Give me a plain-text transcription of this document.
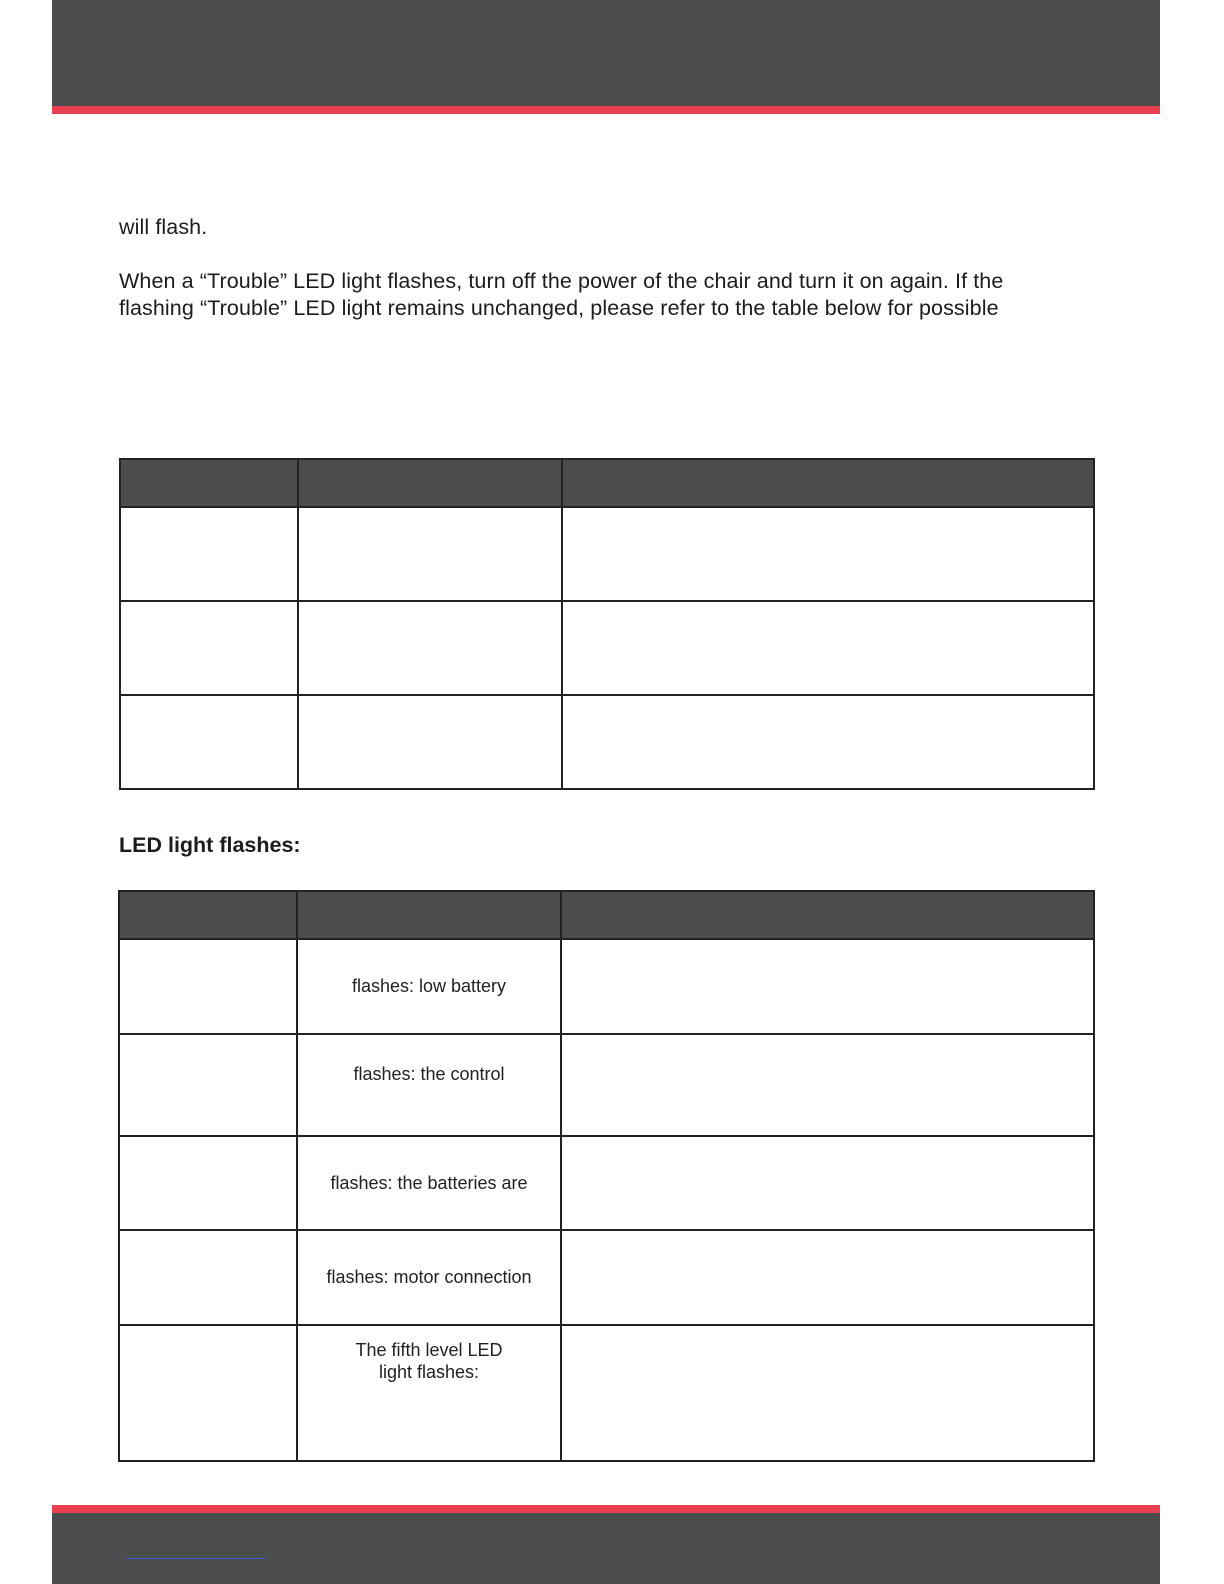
will flash.

When a “Trouble” LED light flashes, turn off the power of the chair and turn it on again. If the
flashing “Trouble” LED light remains unchanged, please refer to the table below for possible

LED light flashes:

	flashes: low battery	
	flashes: the control	
	flashes: the batteries are	
	flashes: motor connection	

	The fifth level LED
light flashes:	
